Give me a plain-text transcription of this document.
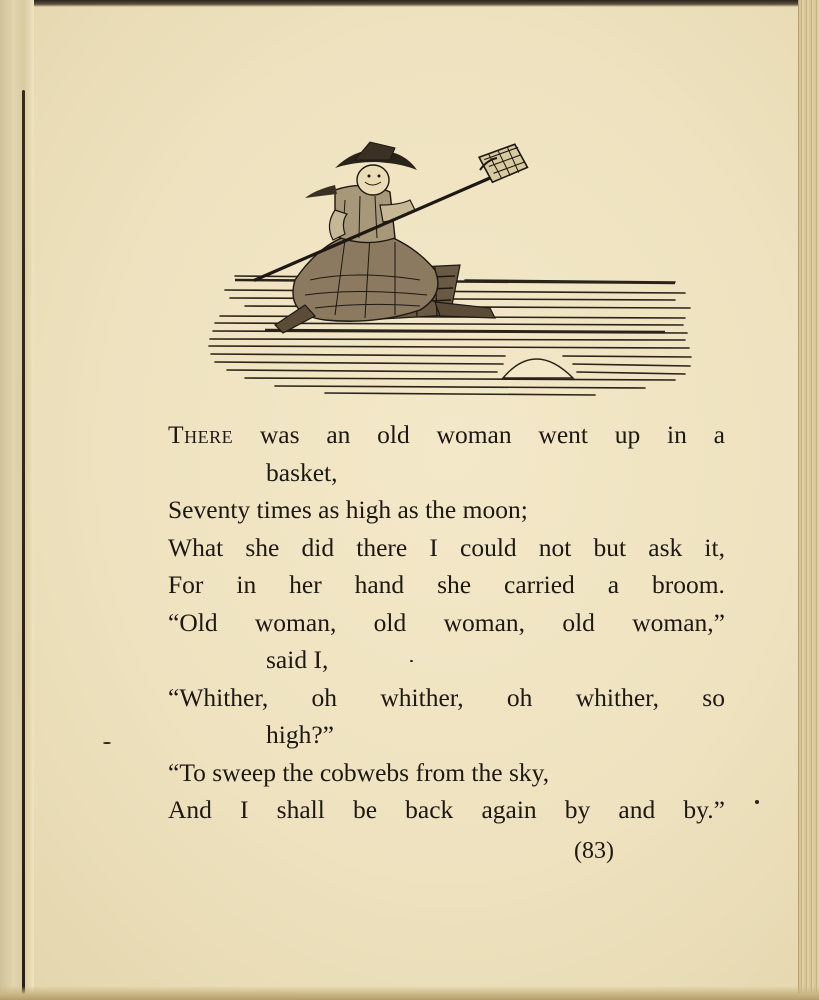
There was an old woman went up in a
basket,
Seventy times as high as the moon;
What she did there I could not but ask it,
For in her hand she carried a broom.
“Old woman, old woman, old woman,”
said I,
“Whither, oh whither, oh whither, so
high?”
“To sweep the cobwebs from the sky,
And I shall be back again by and by.”
(83)
